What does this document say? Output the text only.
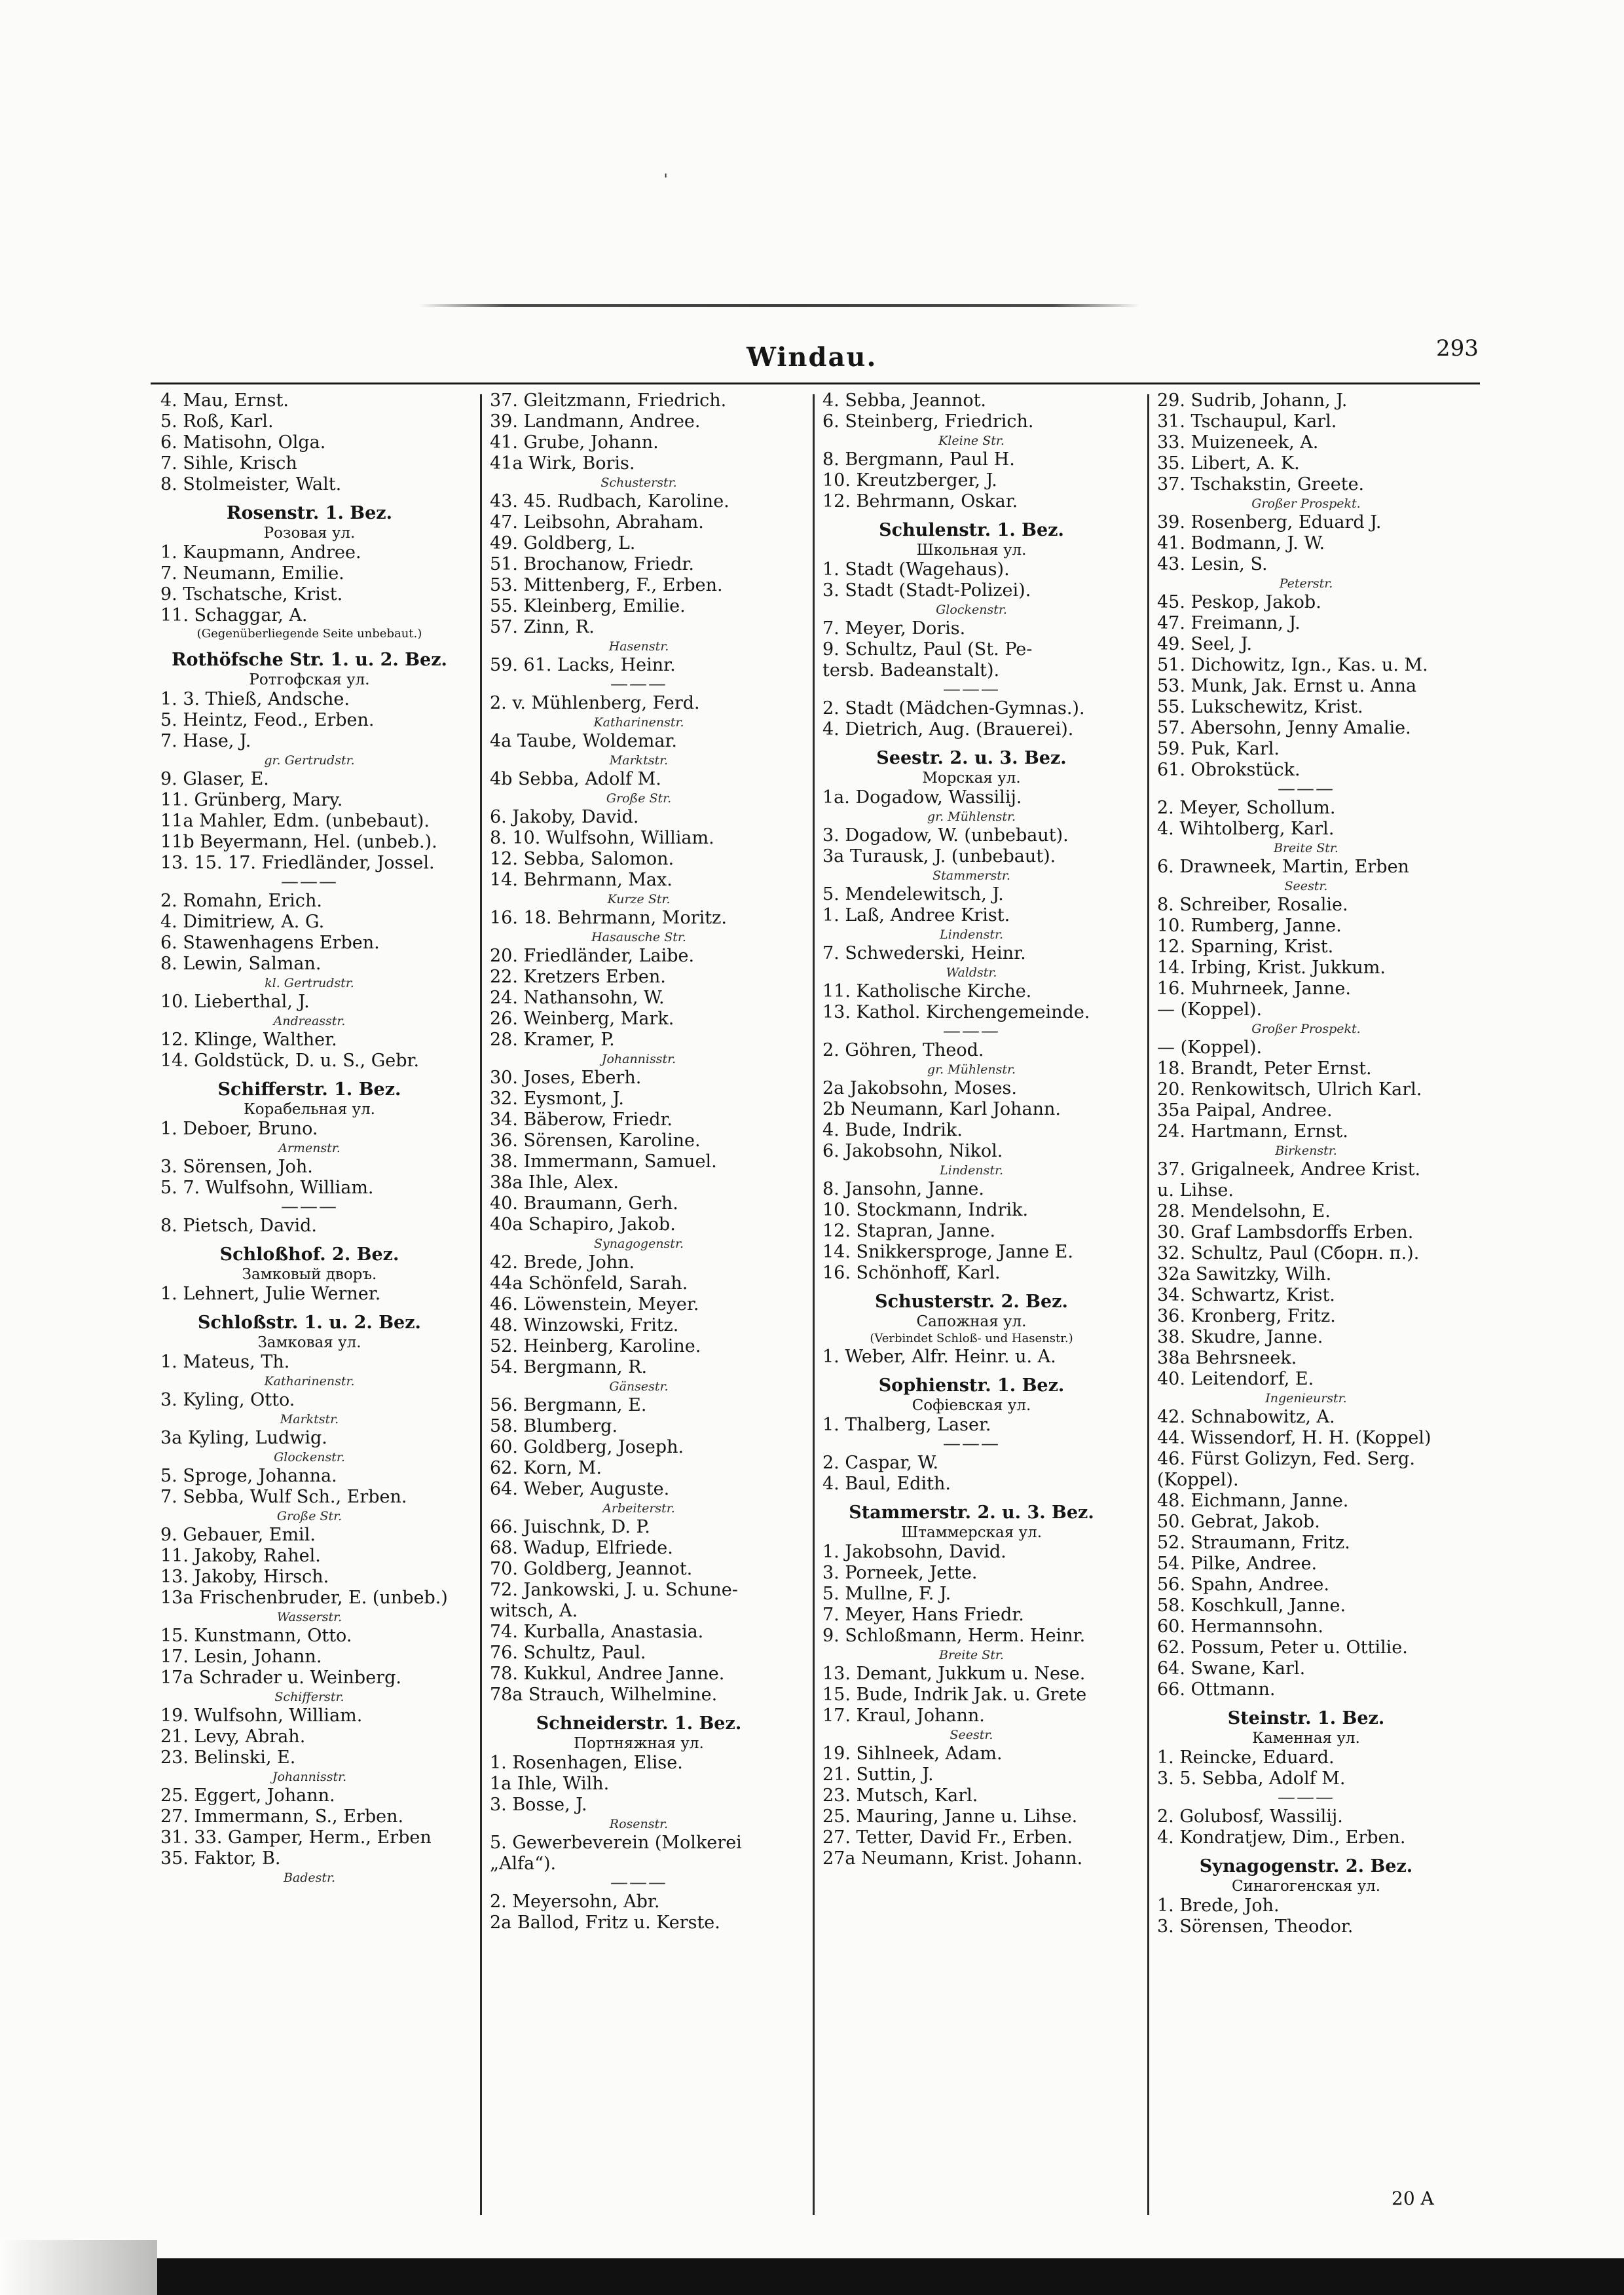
ˈ
Windau.	293
4. Mau, Ernst.
5. Roß, Karl.
6. Matisohn, Olga.
7. Sihle, Krisch
8. Stolmeister, Walt.
Rosenstr. 1. Bez.
Розовая ул.
1. Kaupmann, Andree.
7. Neumann, Emilie.
9. Tschatsche, Krist.
11. Schaggar, A.
(Gegenüberliegende Seite unbebaut.)
Rothöfsche Str. 1. u. 2. Bez.
Ротгофская ул.
1. 3. Thieß, Andsche.
5. Heintz, Feod., Erben.
7. Hase, J.
gr. Gertrudstr.
9. Glaser, E.
11. Grünberg, Mary.
11a Mahler, Edm. (unbebaut).
11b Beyermann, Hel. (unbeb.).
13. 15. 17. Friedländer, Jossel.
———
2. Romahn, Erich.
4. Dimitriew, A. G.
6. Stawenhagens Erben.
8. Lewin, Salman.
kl. Gertrudstr.
10. Lieberthal, J.
Andreasstr.
12. Klinge, Walther.
14. Goldstück, D. u. S., Gebr.
Schifferstr. 1. Bez.
Корабельная ул.
1. Deboer, Bruno.
Armenstr.
3. Sörensen, Joh.
5. 7. Wulfsohn, William.
———
8. Pietsch, David.
Schloßhof. 2. Bez.
Замковый дворъ.
1. Lehnert, Julie Werner.
Schloßstr. 1. u. 2. Bez.
Замковая ул.
1. Mateus, Th.
Katharinenstr.
3. Kyling, Otto.
Marktstr.
3a Kyling, Ludwig.
Glockenstr.
5. Sproge, Johanna.
7. Sebba, Wulf Sch., Erben.
Große Str.
9. Gebauer, Emil.
11. Jakoby, Rahel.
13. Jakoby, Hirsch.
13a Frischenbruder, E. (unbeb.)
Wasserstr.
15. Kunstmann, Otto.
17. Lesin, Johann.
17a Schrader u. Weinberg.
Schifferstr.
19. Wulfsohn, William.
21. Levy, Abrah.
23. Belinski, E.
Johannisstr.
25. Eggert, Johann.
27. Immermann, S., Erben.
31. 33. Gamper, Herm., Erben
35. Faktor, B.
Badestr.
37. Gleitzmann, Friedrich.
39. Landmann, Andree.
41. Grube, Johann.
41a Wirk, Boris.
Schusterstr.
43. 45. Rudbach, Karoline.
47. Leibsohn, Abraham.
49. Goldberg, L.
51. Brochanow, Friedr.
53. Mittenberg, F., Erben.
55. Kleinberg, Emilie.
57. Zinn, R.
Hasenstr.
59. 61. Lacks, Heinr.
———
2. v. Mühlenberg, Ferd.
Katharinenstr.
4a Taube, Woldemar.
Marktstr.
4b Sebba, Adolf M.
Große Str.
6. Jakoby, David.
8. 10. Wulfsohn, William.
12. Sebba, Salomon.
14. Behrmann, Max.
Kurze Str.
16. 18. Behrmann, Moritz.
Hasausche Str.
20. Friedländer, Laibe.
22. Kretzers Erben.
24. Nathansohn, W.
26. Weinberg, Mark.
28. Kramer, P.
Johannisstr.
30. Joses, Eberh.
32. Eysmont, J.
34. Bäberow, Friedr.
36. Sörensen, Karoline.
38. Immermann, Samuel.
38a Ihle, Alex.
40. Braumann, Gerh.
40a Schapiro, Jakob.
Synagogenstr.
42. Brede, John.
44a Schönfeld, Sarah.
46. Löwenstein, Meyer.
48. Winzowski, Fritz.
52. Heinberg, Karoline.
54. Bergmann, R.
Gänsestr.
56. Bergmann, E.
58. Blumberg.
60. Goldberg, Joseph.
62. Korn, M.
64. Weber, Auguste.
Arbeiterstr.
66. Juischnk, D. P.
68. Wadup, Elfriede.
70. Goldberg, Jeannot.
72. Jankowski, J. u. Schune-
witsch, A.
74. Kurballa, Anastasia.
76. Schultz, Paul.
78. Kukkul, Andree Janne.
78a Strauch, Wilhelmine.
Schneiderstr. 1. Bez.
Портняжная ул.
1. Rosenhagen, Elise.
1a Ihle, Wilh.
3. Bosse, J.
Rosenstr.
5. Gewerbeverein (Molkerei
„Alfa“).
———
2. Meyersohn, Abr.
2a Ballod, Fritz u. Kerste.
4. Sebba, Jeannot.
6. Steinberg, Friedrich.
Kleine Str.
8. Bergmann, Paul H.
10. Kreutzberger, J.
12. Behrmann, Oskar.
Schulenstr. 1. Bez.
Школьная ул.
1. Stadt (Wagehaus).
3. Stadt (Stadt-Polizei).
Glockenstr.
7. Meyer, Doris.
9. Schultz, Paul (St. Pe-
tersb. Badeanstalt).
———
2. Stadt (Mädchen-Gymnas.).
4. Dietrich, Aug. (Brauerei).
Seestr. 2. u. 3. Bez.
Морская ул.
1a. Dogadow, Wassilij.
gr. Mühlenstr.
3. Dogadow, W. (unbebaut).
3a Turausk, J. (unbebaut).
Stammerstr.
5. Mendelewitsch, J.
1. Laß, Andree Krist.
Lindenstr.
7. Schwederski, Heinr.
Waldstr.
11. Katholische Kirche.
13. Kathol. Kirchengemeinde.
———
2. Göhren, Theod.
gr. Mühlenstr.
2a Jakobsohn, Moses.
2b Neumann, Karl Johann.
4. Bude, Indrik.
6. Jakobsohn, Nikol.
Lindenstr.
8. Jansohn, Janne.
10. Stockmann, Indrik.
12. Stapran, Janne.
14. Snikkersproge, Janne E.
16. Schönhoff, Karl.
Schusterstr. 2. Bez.
Сапожная ул.
(Verbindet Schloß- und Hasenstr.)
1. Weber, Alfr. Heinr. u. A.
Sophienstr. 1. Bez.
Софіевская ул.
1. Thalberg, Laser.
———
2. Caspar, W.
4. Baul, Edith.
Stammerstr. 2. u. 3. Bez.
Штаммерская ул.
1. Jakobsohn, David.
3. Porneek, Jette.
5. Mullne, F. J.
7. Meyer, Hans Friedr.
9. Schloßmann, Herm. Heinr.
Breite Str.
13. Demant, Jukkum u. Nese.
15. Bude, Indrik Jak. u. Grete
17. Kraul, Johann.
Seestr.
19. Sihlneek, Adam.
21. Suttin, J.
23. Mutsch, Karl.
25. Mauring, Janne u. Lihse.
27. Tetter, David Fr., Erben.
27a Neumann, Krist. Johann.
29. Sudrib, Johann, J.
31. Tschaupul, Karl.
33. Muizeneek, A.
35. Libert, A. K.
37. Tschakstin, Greete.
Großer Prospekt.
39. Rosenberg, Eduard J.
41. Bodmann, J. W.
43. Lesin, S.
Peterstr.
45. Peskop, Jakob.
47. Freimann, J.
49. Seel, J.
51. Dichowitz, Ign., Kas. u. M.
53. Munk, Jak. Ernst u. Anna
55. Lukschewitz, Krist.
57. Abersohn, Jenny Amalie.
59. Puk, Karl.
61. Obrokstück.
———
2. Meyer, Schollum.
4. Wihtolberg, Karl.
Breite Str.
6. Drawneek, Martin, Erben
Seestr.
8. Schreiber, Rosalie.
10. Rumberg, Janne.
12. Sparning, Krist.
14. Irbing, Krist. Jukkum.
16. Muhrneek, Janne.
— (Koppel).
Großer Prospekt.
— (Koppel).
18. Brandt, Peter Ernst.
20. Renkowitsch, Ulrich Karl.
35a Paipal, Andree.
24. Hartmann, Ernst.
Birkenstr.
37. Grigalneek, Andree Krist.
u. Lihse.
28. Mendelsohn, E.
30. Graf Lambsdorffs Erben.
32. Schultz, Paul (Сборн. п.).
32a Sawitzky, Wilh.
34. Schwartz, Krist.
36. Kronberg, Fritz.
38. Skudre, Janne.
38a Behrsneek.
40. Leitendorf, E.
Ingenieurstr.
42. Schnabowitz, A.
44. Wissendorf, H. H. (Koppel)
46. Fürst Golizyn, Fed. Serg.
(Koppel).
48. Eichmann, Janne.
50. Gebrat, Jakob.
52. Straumann, Fritz.
54. Pilke, Andree.
56. Spahn, Andree.
58. Koschkull, Janne.
60. Hermannsohn.
62. Possum, Peter u. Ottilie.
64. Swane, Karl.
66. Ottmann.
Steinstr. 1. Bez.
Каменная ул.
1. Reincke, Eduard.
3. 5. Sebba, Adolf M.
———
2. Golubosf, Wassilij.
4. Kondratjew, Dim., Erben.
Synagogenstr. 2. Bez.
Синагогенская ул.
1. Brede, Joh.
3. Sörensen, Theodor.
20 A
